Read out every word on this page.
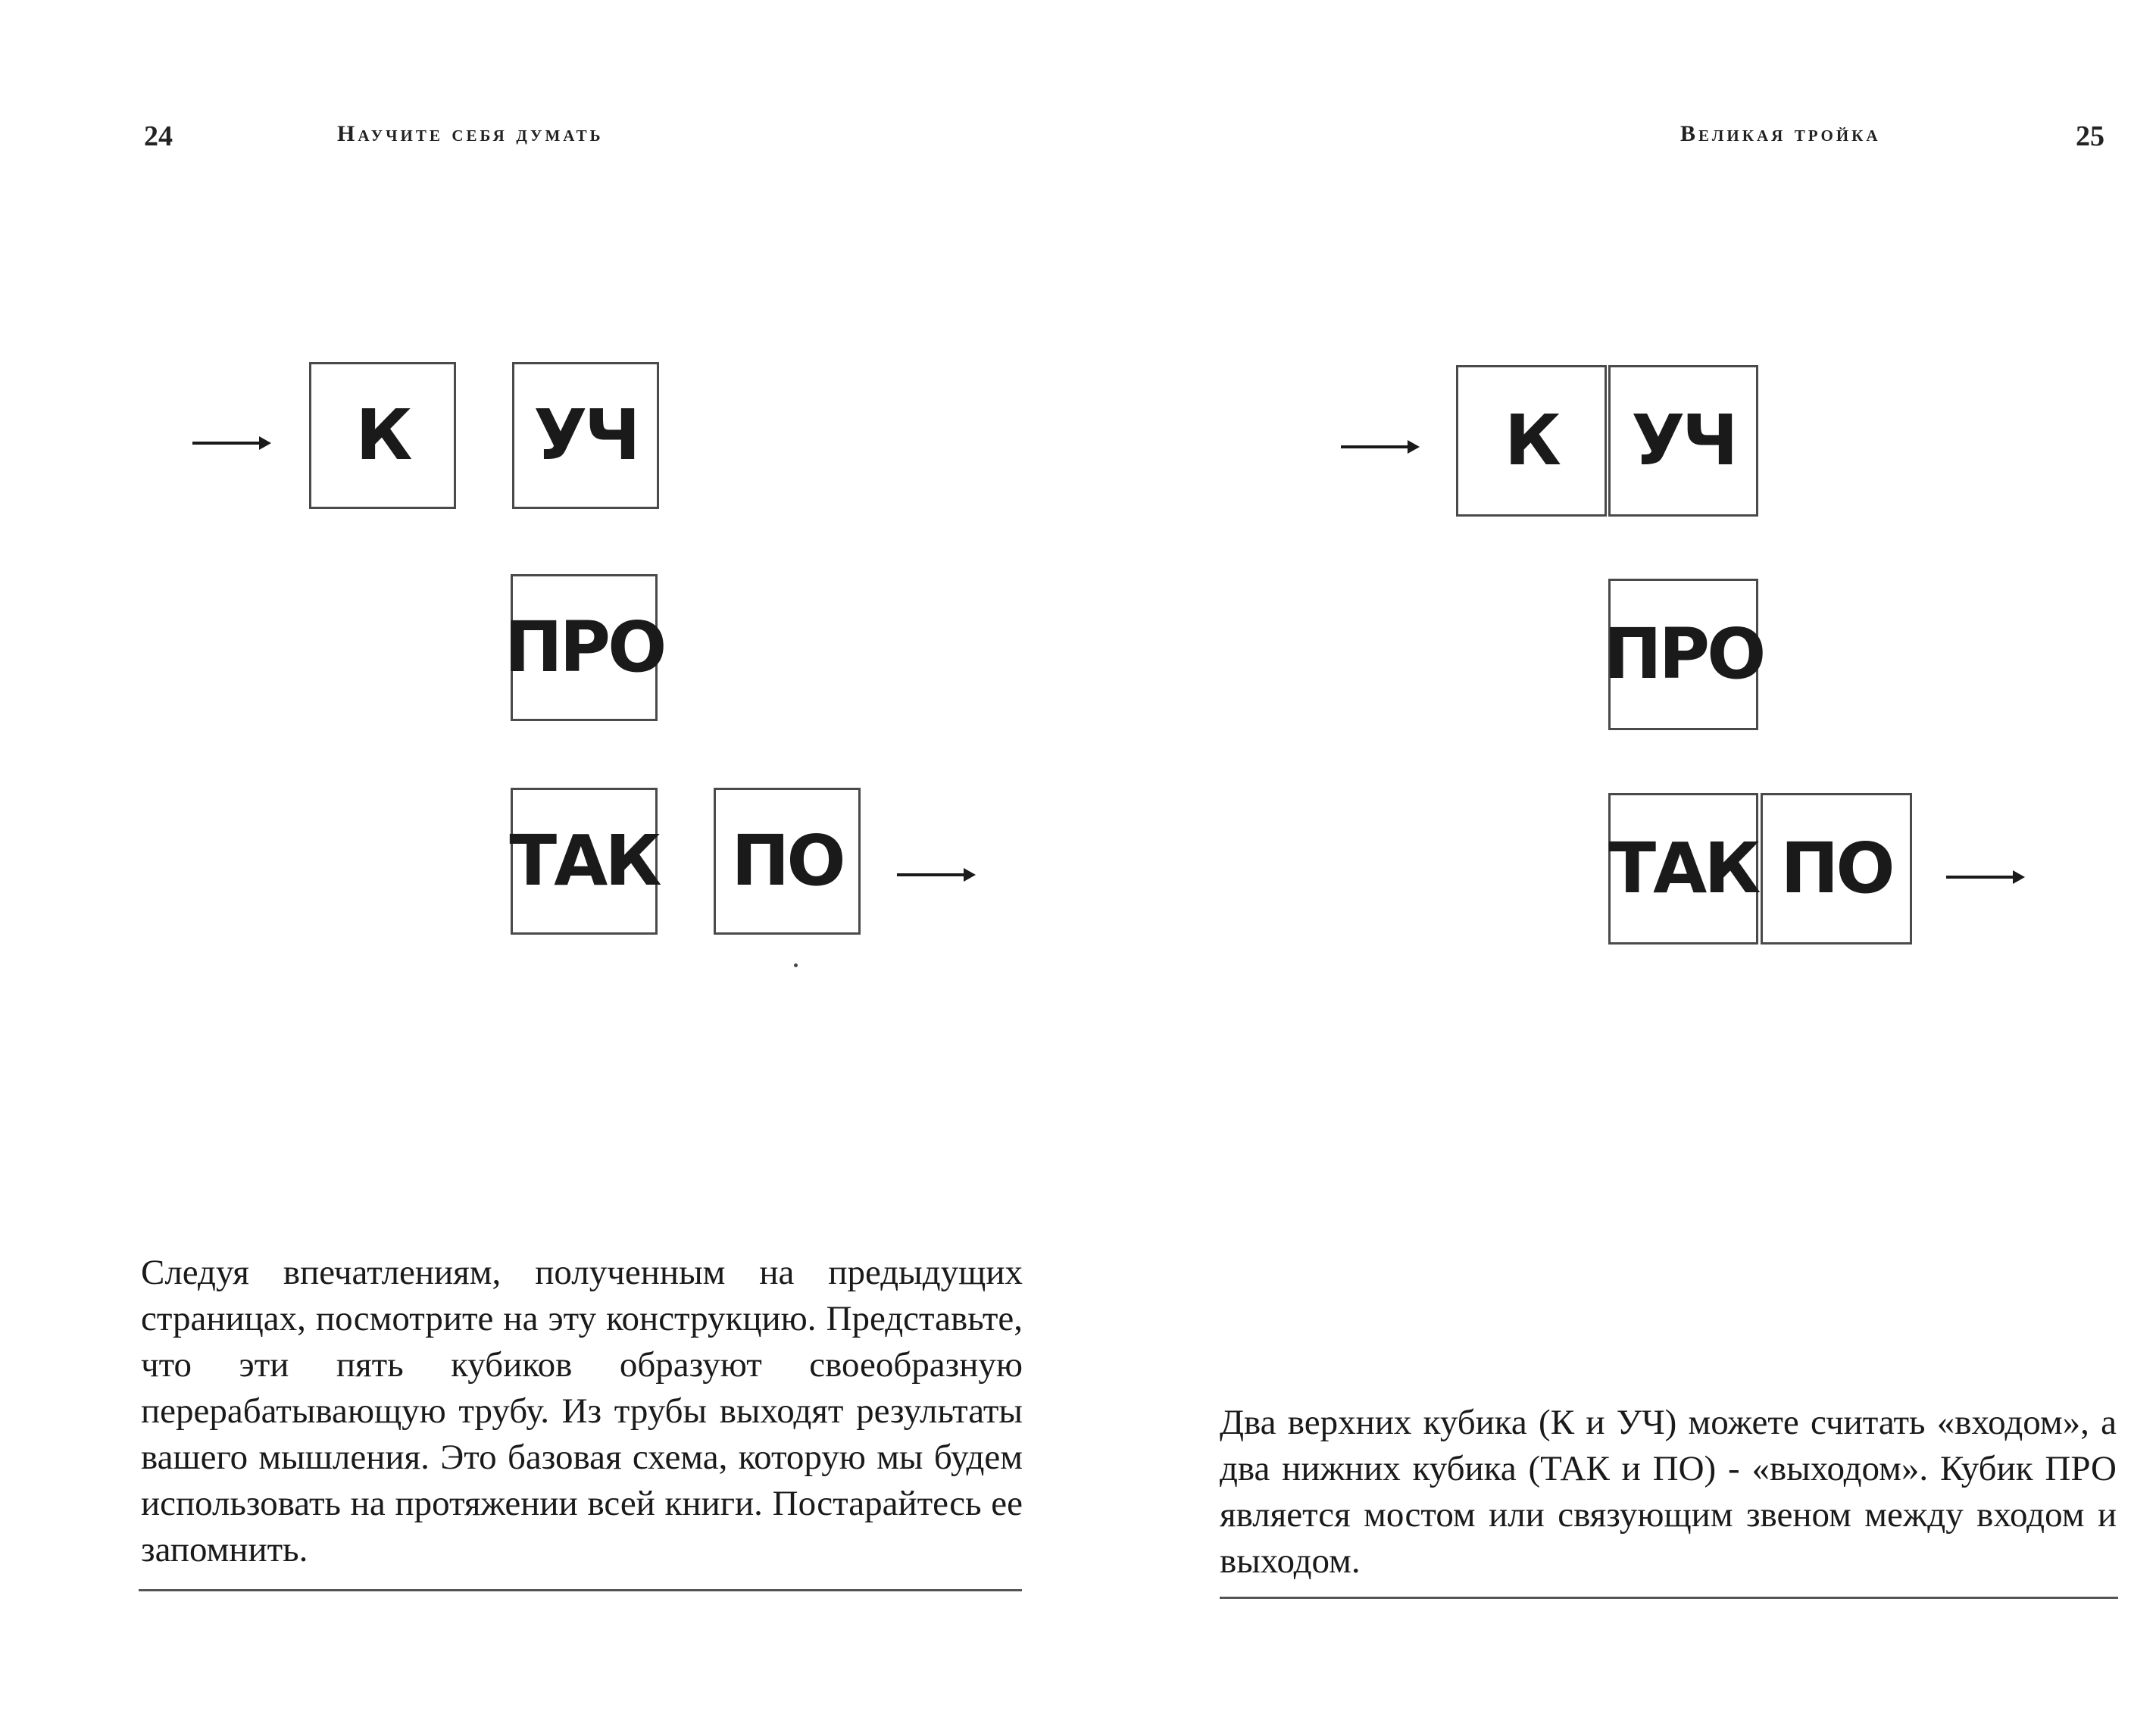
24	Научите себя думать
К УЧ
ПРО
ТАК ПО
Следуя впечатлениям, полученным на предыдущих страницах, посмотрите на эту конструкцию. Представьте, что эти пять кубиков образуют своеобразную перерабатывающую трубу. Из трубы выходят результаты вашего мышления. Это базовая схема, которую мы будем использовать на протяжении всей книги. Постарайтесь ее запомнить.
Великая тройка	25
К УЧ
ПРО
ТАК ПО
Два верхних кубика (К и УЧ) можете считать «входом», а два нижних кубика (ТАК и ПО) - «выходом». Кубик ПРО является мостом или связующим звеном между входом и выходом.
